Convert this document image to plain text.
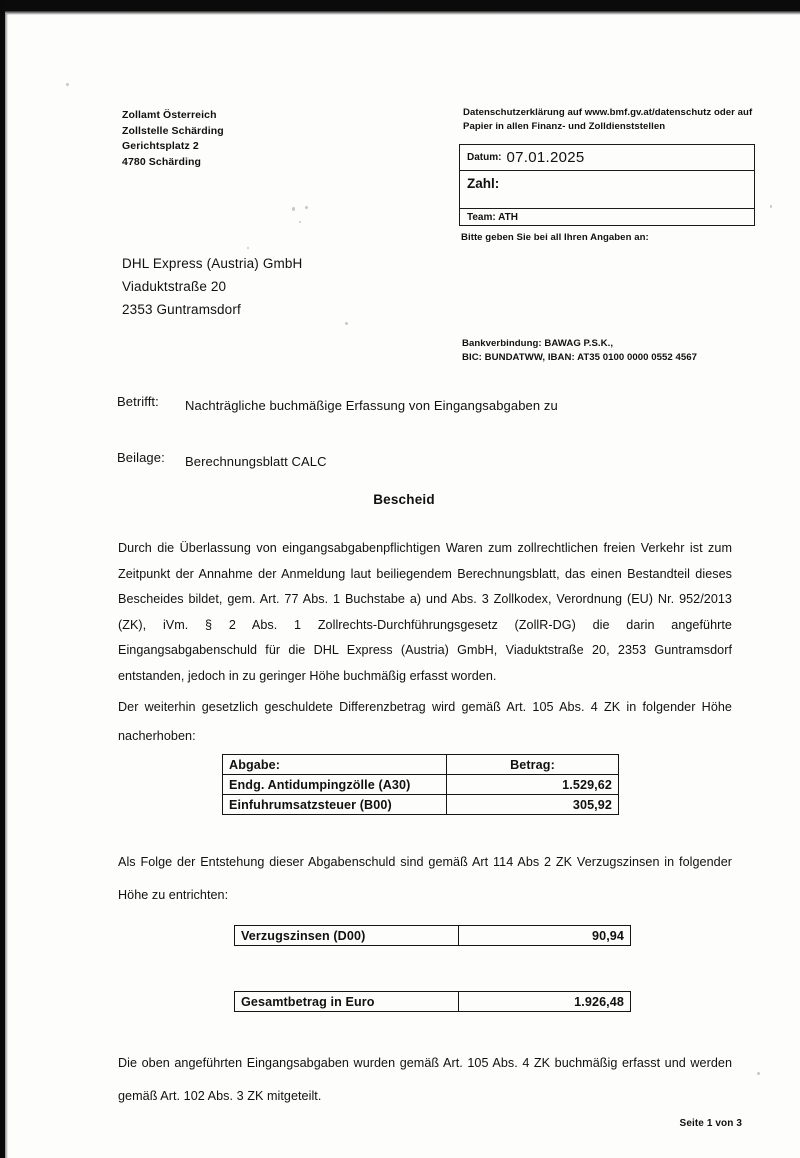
Zollamt Österreich
Zollstelle Schärding
Gerichtsplatz 2
4780 Schärding
Datenschutzerklärung auf www.bmf.gv.at/datenschutz oder auf Papier in allen Finanz- und Zolldienststellen
Datum: 07.01.2025
Zahl:
Team: ATH
Bitte geben Sie bei all Ihren Angaben an:
DHL Express (Austria) GmbH
Viaduktstraße 20
2353 Guntramsdorf
Bankverbindung: BAWAG P.S.K.,
BIC: BUNDATWW, IBAN: AT35 0100 0000 0552 4567
Betrifft:	Nachträgliche buchmäßige Erfassung von Eingangsabgaben zu
Beilage:	Berechnungsblatt CALC
Bescheid
Durch die Überlassung von eingangsabgabenpflichtigen Waren zum zollrechtlichen freien Verkehr ist zum Zeitpunkt der Annahme der Anmeldung laut beiliegendem Berechnungsblatt, das einen Bestandteil dieses Bescheides bildet, gem. Art. 77 Abs. 1 Buchstabe a) und Abs. 3 Zollkodex, Verordnung (EU) Nr. 952/2013 (ZK), iVm. § 2 Abs. 1 Zollrechts-Durchführungsgesetz (ZollR-DG) die darin angeführte Eingangsabgabenschuld für die DHL Express (Austria) GmbH, Viaduktstraße 20, 2353 Guntramsdorf entstanden, jedoch in zu geringer Höhe buchmäßig erfasst worden.
Der weiterhin gesetzlich geschuldete Differenzbetrag wird gemäß Art. 105 Abs. 4 ZK in folgender Höhe nacherhoben:
Abgabe:	Betrag:
Endg. Antidumpingzölle (A30)	1.529,62
Einfuhrumsatzsteuer (B00)	305,92
Als Folge der Entstehung dieser Abgabenschuld sind gemäß Art 114 Abs 2 ZK Verzugszinsen in folgender Höhe zu entrichten:
Verzugszinsen (D00)	90,94
Gesamtbetrag in Euro	1.926,48
Die oben angeführten Eingangsabgaben wurden gemäß Art. 105 Abs. 4 ZK buchmäßig erfasst und werden gemäß Art. 102 Abs. 3 ZK mitgeteilt.
Seite 1 von 3
